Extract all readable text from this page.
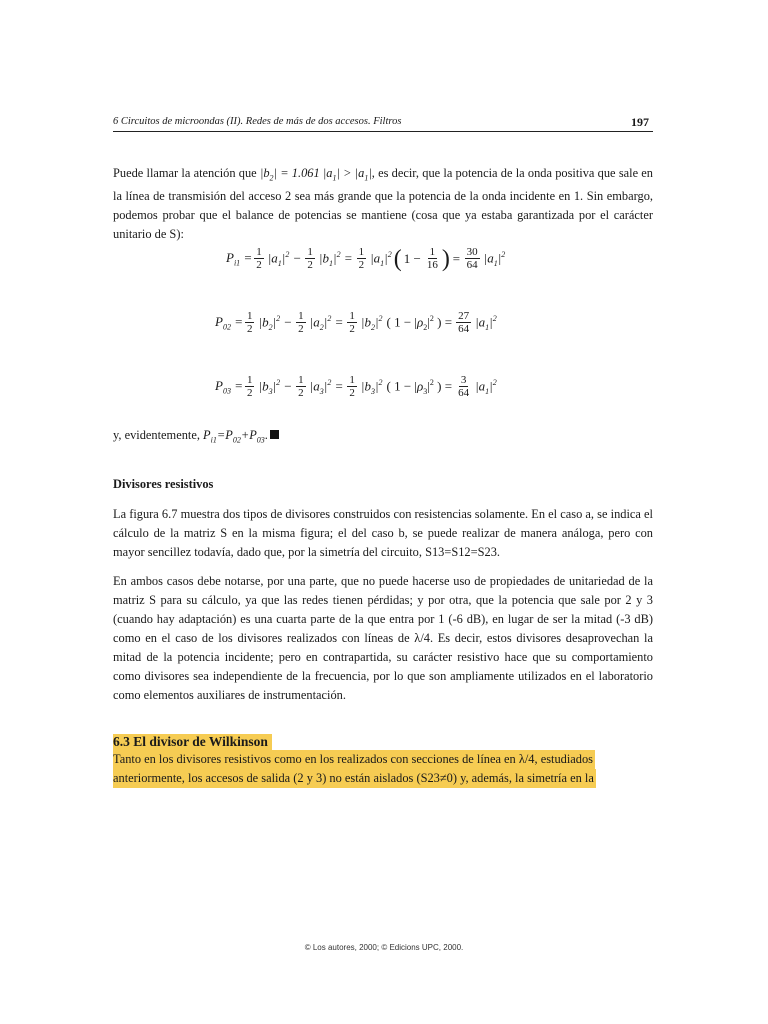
6 Circuitos de microondas (II). Redes de más de dos accesos. Filtros	197
Puede llamar la atención que $|b_2| = 1.061$ $|a_1| > |a_1|$, es decir, que la potencia de la onda positiva que sale en la línea de transmisión del acceso 2 sea más grande que la potencia de la onda incidente en 1. Sin embargo, podemos probar que el balance de potencias se mantiene (cosa que ya estaba garantizada por el carácter unitario de S):
$P_{i1} = \frac{1}{2} |a_1|^2 - \frac{1}{2} |b_1|^2 = \frac{1}{2} |a_1|^2$ ( $1 - \frac{1}{16}$ ) = $\frac{30}{64} |a_1|^2$
$P_{02} = \frac{1}{2} |b_2|^2 - \frac{1}{2} |a_2|^2 = \frac{1}{2} |b_2|^2$ ( $1 - |\rho_2|^2$ ) = $\frac{27}{64} |a_1|^2$
$P_{03} = \frac{1}{2} |b_3|^2 - \frac{1}{2} |a_3|^2 = \frac{1}{2} |b_3|^2$ ( $1 - |\rho_3|^2$ ) = $\frac{3}{64} |a_1|^2$
y, evidentemente, $P_{i1}=P_{02}+P_{03}$.
Divisores resistivos
La figura 6.7 muestra dos tipos de divisores construidos con resistencias solamente. En el caso a, se indica el cálculo de la matriz S en la misma figura; el del caso b, se puede realizar de manera análoga, pero con mayor sencillez todavía, dado que, por la simetría del circuito, S13=S12=S23.
En ambos casos debe notarse, por una parte, que no puede hacerse uso de propiedades de unitariedad de la matriz S para su cálculo, ya que las redes tienen pérdidas; y por otra, que la potencia que sale por 2 y 3 (cuando hay adaptación) es una cuarta parte de la que entra por 1 (-6 dB), en lugar de ser la mitad (-3 dB) como en el caso de los divisores realizados con líneas de λ/4. Es decir, estos divisores desaprovechan la mitad de la potencia incidente; pero en contrapartida, su carácter resistivo hace que su comportamiento como divisores sea independiente de la frecuencia, por lo que son ampliamente utilizados en el laboratorio como elementos auxiliares de instrumentación.
6.3 El divisor de Wilkinson
Tanto en los divisores resistivos como en los realizados con secciones de línea en λ/4, estudiados
anteriormente, los accesos de salida (2 y 3) no están aislados (S23≠0) y, además, la simetría en la
© Los autores, 2000; © Edicions UPC, 2000.
